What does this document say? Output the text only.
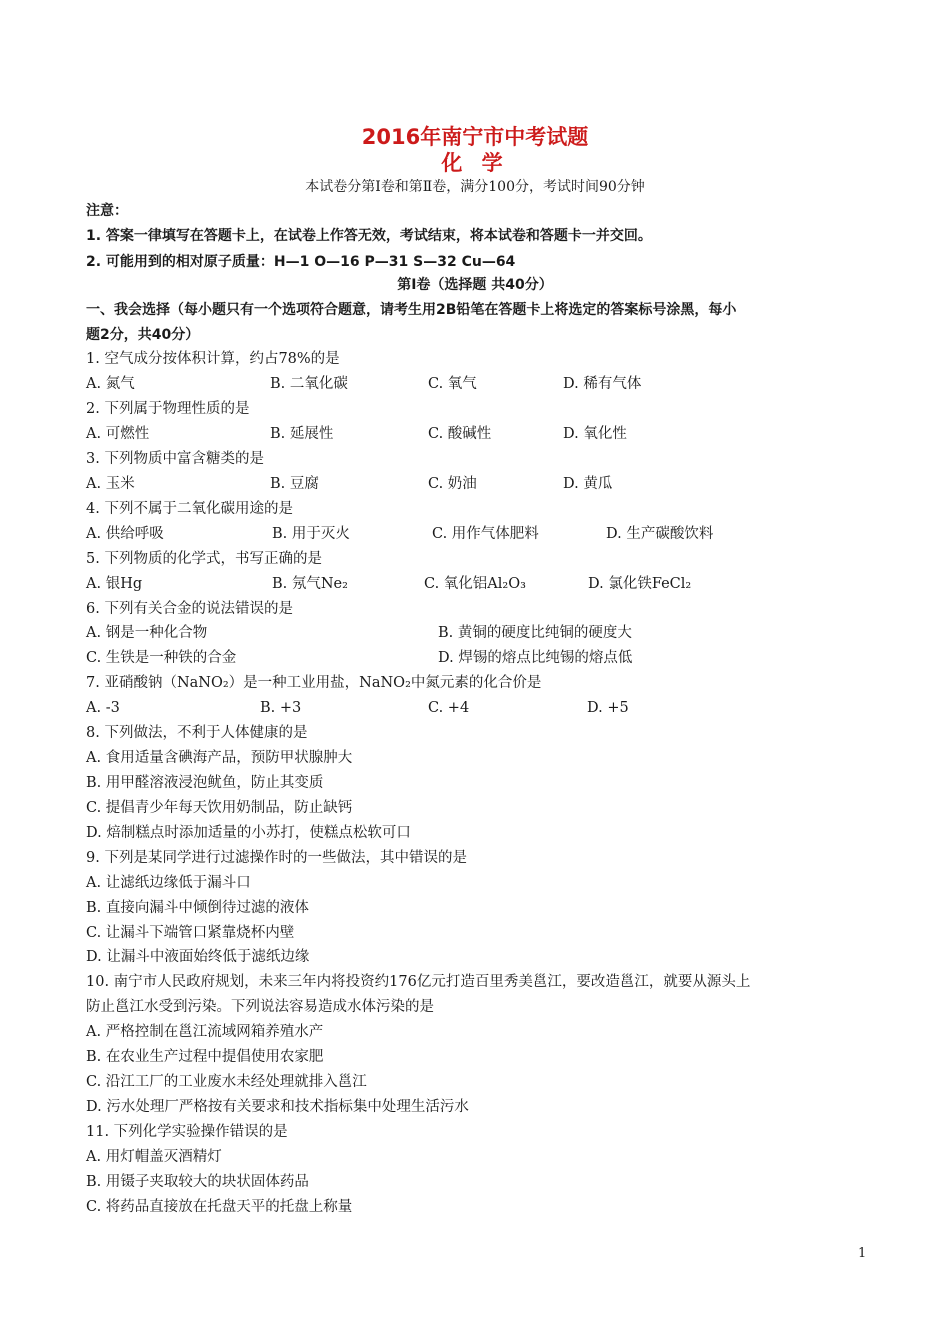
2016年南宁市中考试题
化 学
本试卷分第Ⅰ卷和第Ⅱ卷，满分100分，考试时间90分钟
注意：
1. 答案一律填写在答题卡上，在试卷上作答无效，考试结束，将本试卷和答题卡一并交回。
2. 可能用到的相对原子质量：H—1 O—16 P—31 S—32 Cu—64
第Ⅰ卷（选择题 共40分）
一、我会选择（每小题只有一个选项符合题意，请考生用2B铅笔在答题卡上将选定的答案标号涂黑，每小
题2分，共40分）
1. 空气成分按体积计算，约占78%的是
A. 氮气	B. 二氧化碳	C. 氧气	D. 稀有气体
2. 下列属于物理性质的是
A. 可燃性	B. 延展性	C. 酸碱性	D. 氧化性
3. 下列物质中富含糖类的是
A. 玉米	B. 豆腐	C. 奶油	D. 黄瓜
4. 下列不属于二氧化碳用途的是
A. 供给呼吸	B. 用于灭火	C. 用作气体肥料	D. 生产碳酸饮料
5. 下列物质的化学式，书写正确的是
A. 银Hg	B. 氖气Ne₂	C. 氧化铝Al₂O₃	D. 氯化铁FeCl₂
6. 下列有关合金的说法错误的是
A. 钢是一种化合物	B. 黄铜的硬度比纯铜的硬度大
C. 生铁是一种铁的合金	D. 焊锡的熔点比纯锡的熔点低
7. 亚硝酸钠（NaNO₂）是一种工业用盐，NaNO₂中氮元素的化合价是
A. -3	B. +3	C. +4	D. +5
8. 下列做法，不利于人体健康的是
A. 食用适量含碘海产品，预防甲状腺肿大
B. 用甲醛溶液浸泡鱿鱼，防止其变质
C. 提倡青少年每天饮用奶制品，防止缺钙
D. 焙制糕点时添加适量的小苏打，使糕点松软可口
9. 下列是某同学进行过滤操作时的一些做法，其中错误的是
A. 让滤纸边缘低于漏斗口
B. 直接向漏斗中倾倒待过滤的液体
C. 让漏斗下端管口紧靠烧杯内壁
D. 让漏斗中液面始终低于滤纸边缘
10. 南宁市人民政府规划，未来三年内将投资约176亿元打造百里秀美邕江，要改造邕江，就要从源头上
防止邕江水受到污染。下列说法容易造成水体污染的是
A. 严格控制在邕江流域网箱养殖水产
B. 在农业生产过程中提倡使用农家肥
C. 沿江工厂的工业废水未经处理就排入邕江
D. 污水处理厂严格按有关要求和技术指标集中处理生活污水
11. 下列化学实验操作错误的是
A. 用灯帽盖灭酒精灯
B. 用镊子夹取较大的块状固体药品
C. 将药品直接放在托盘天平的托盘上称量
1
